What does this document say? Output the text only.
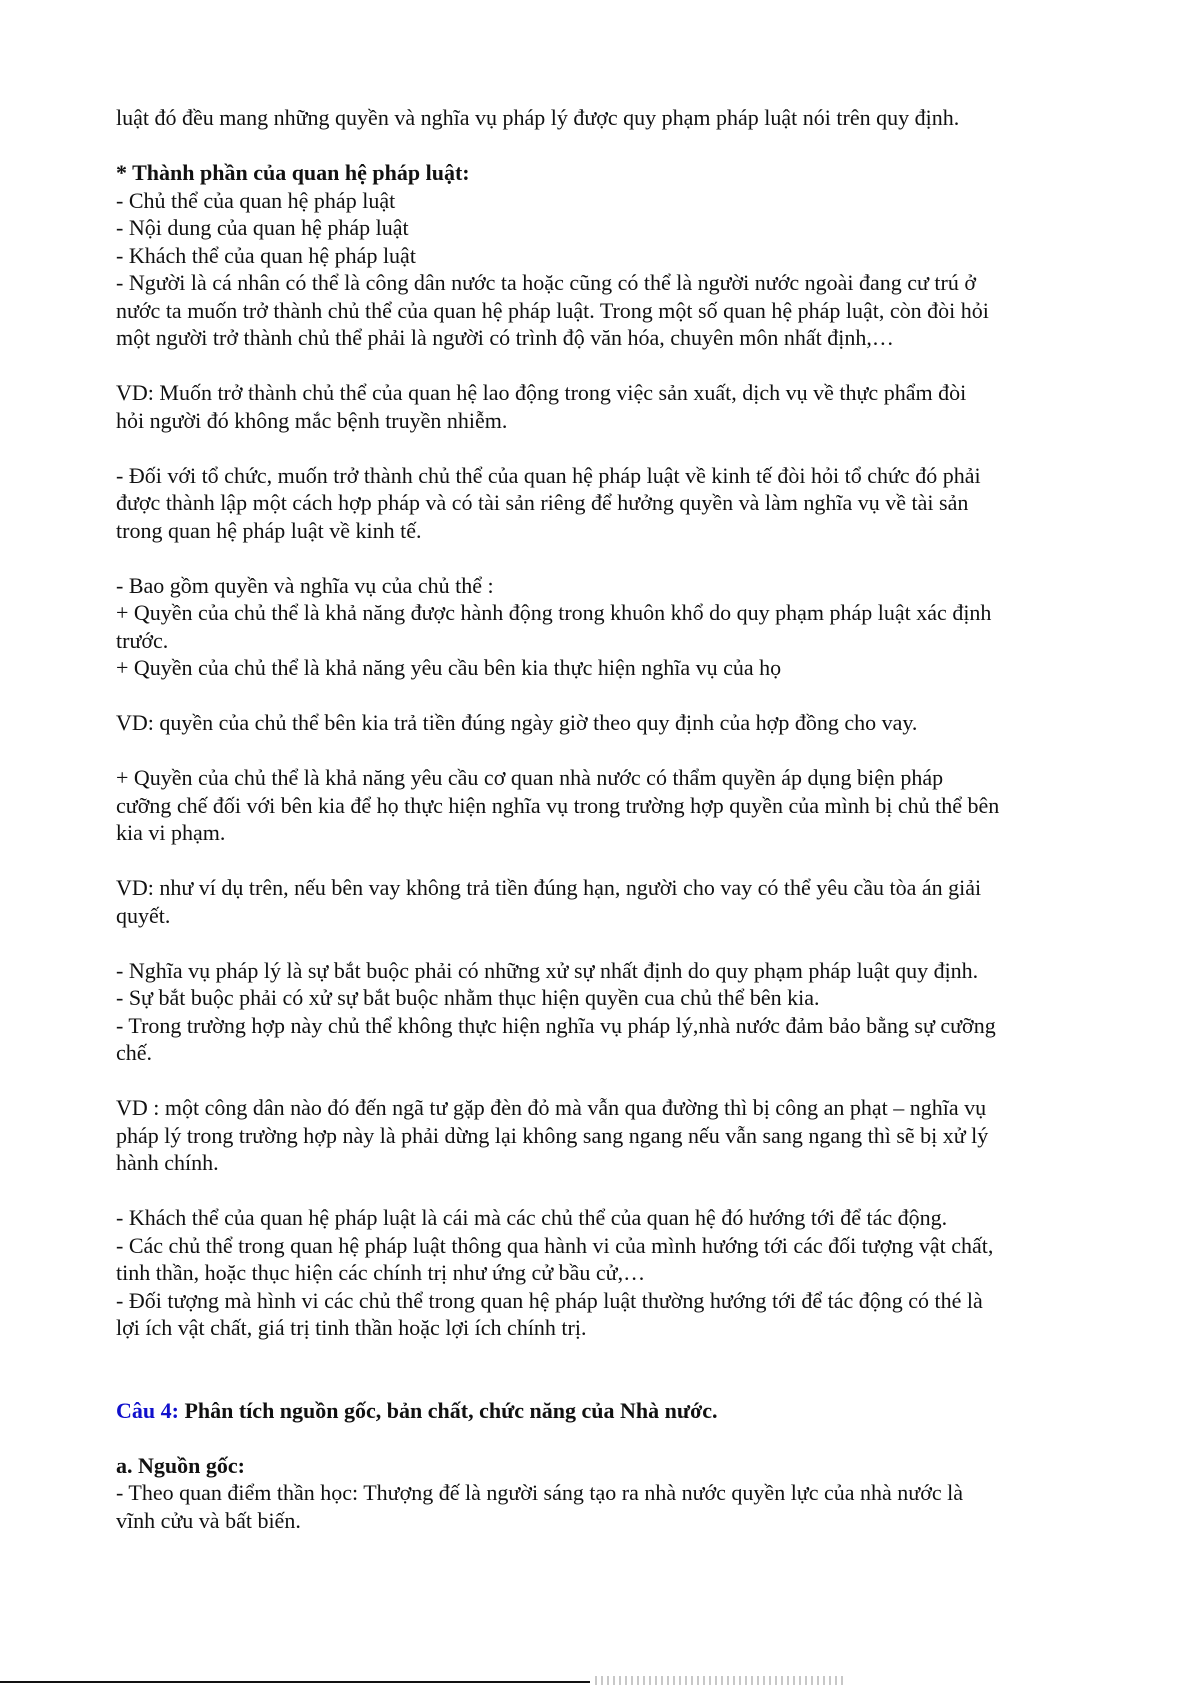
luật đó đều mang những quyền và nghĩa vụ pháp lý được quy phạm pháp luật nói trên quy định.
* Thành phần của quan hệ pháp luật:
- Chủ thể của quan hệ pháp luật
- Nội dung của quan hệ pháp luật
- Khách thể của quan hệ pháp luật
- Người là cá nhân có thể là công dân nước ta hoặc cũng có thể là người nước ngoài đang cư trú ở
nước ta muốn trở thành chủ thể của quan hệ pháp luật. Trong một số quan hệ pháp luật, còn đòi hỏi
một người trở thành chủ thể phải là người có trình độ văn hóa, chuyên môn nhất định,…
VD: Muốn trở thành chủ thể của quan hệ lao động trong việc sản xuất, dịch vụ về thực phẩm đòi
hỏi người đó không mắc bệnh truyền nhiễm.
- Đối với tổ chức, muốn trở thành chủ thể của quan hệ pháp luật về kinh tế đòi hỏi tổ chức đó phải
được thành lập một cách hợp pháp và có tài sản riêng để hưởng quyền và làm nghĩa vụ về tài sản
trong quan hệ pháp luật về kinh tế.
- Bao gồm quyền và nghĩa vụ của chủ thể :
+ Quyền của chủ thể là khả năng được hành động trong khuôn khổ do quy phạm pháp luật xác định
trước.
+ Quyền của chủ thể là khả năng yêu cầu bên kia thực hiện nghĩa vụ của họ
VD: quyền của chủ thể bên kia trả tiền đúng ngày giờ theo quy định của hợp đồng cho vay.
+ Quyền của chủ thể là khả năng yêu cầu cơ quan nhà nước có thẩm quyền áp dụng biện pháp
cưỡng chế đối với bên kia để họ thực hiện nghĩa vụ trong trường hợp quyền của mình bị chủ thể bên
kia vi phạm.
VD: như ví dụ trên, nếu bên vay không trả tiền đúng hạn, người cho vay có thể yêu cầu tòa án giải
quyết.
- Nghĩa vụ pháp lý là sự bắt buộc phải có những xử sự nhất định do quy phạm pháp luật quy định.
- Sự bắt buộc phải có xử sự bắt buộc nhằm thục hiện quyền cua chủ thể bên kia.
- Trong trường hợp này chủ thể không thực hiện nghĩa vụ pháp lý,nhà nước đảm bảo bằng sự cưỡng
chế.
VD : một công dân nào đó đến ngã tư gặp đèn đỏ mà vẫn qua đường thì bị công an phạt – nghĩa vụ
pháp lý trong trường hợp này là phải dừng lại không sang ngang nếu vẫn sang ngang thì sẽ bị xử lý
hành chính.
- Khách thể của quan hệ pháp luật là cái mà các chủ thể của quan hệ đó hướng tới để tác động.
- Các chủ thể trong quan hệ pháp luật thông qua hành vi của mình hướng tới các đối tượng vật chất,
tinh thần, hoặc thục hiện các chính trị như ứng cử bầu cử,…
- Đối tượng mà hình vi các chủ thể trong quan hệ pháp luật thường hướng tới để tác động có thé là
lợi ích vật chất, giá trị tinh thần hoặc lợi ích chính trị.
Câu 4: Phân tích nguồn gốc, bản chất, chức năng của Nhà nước.
a. Nguồn gốc:
- Theo quan điểm thần học: Thượng đế là người sáng tạo ra nhà nước quyền lực của nhà nước là
vĩnh cửu và bất biến.
